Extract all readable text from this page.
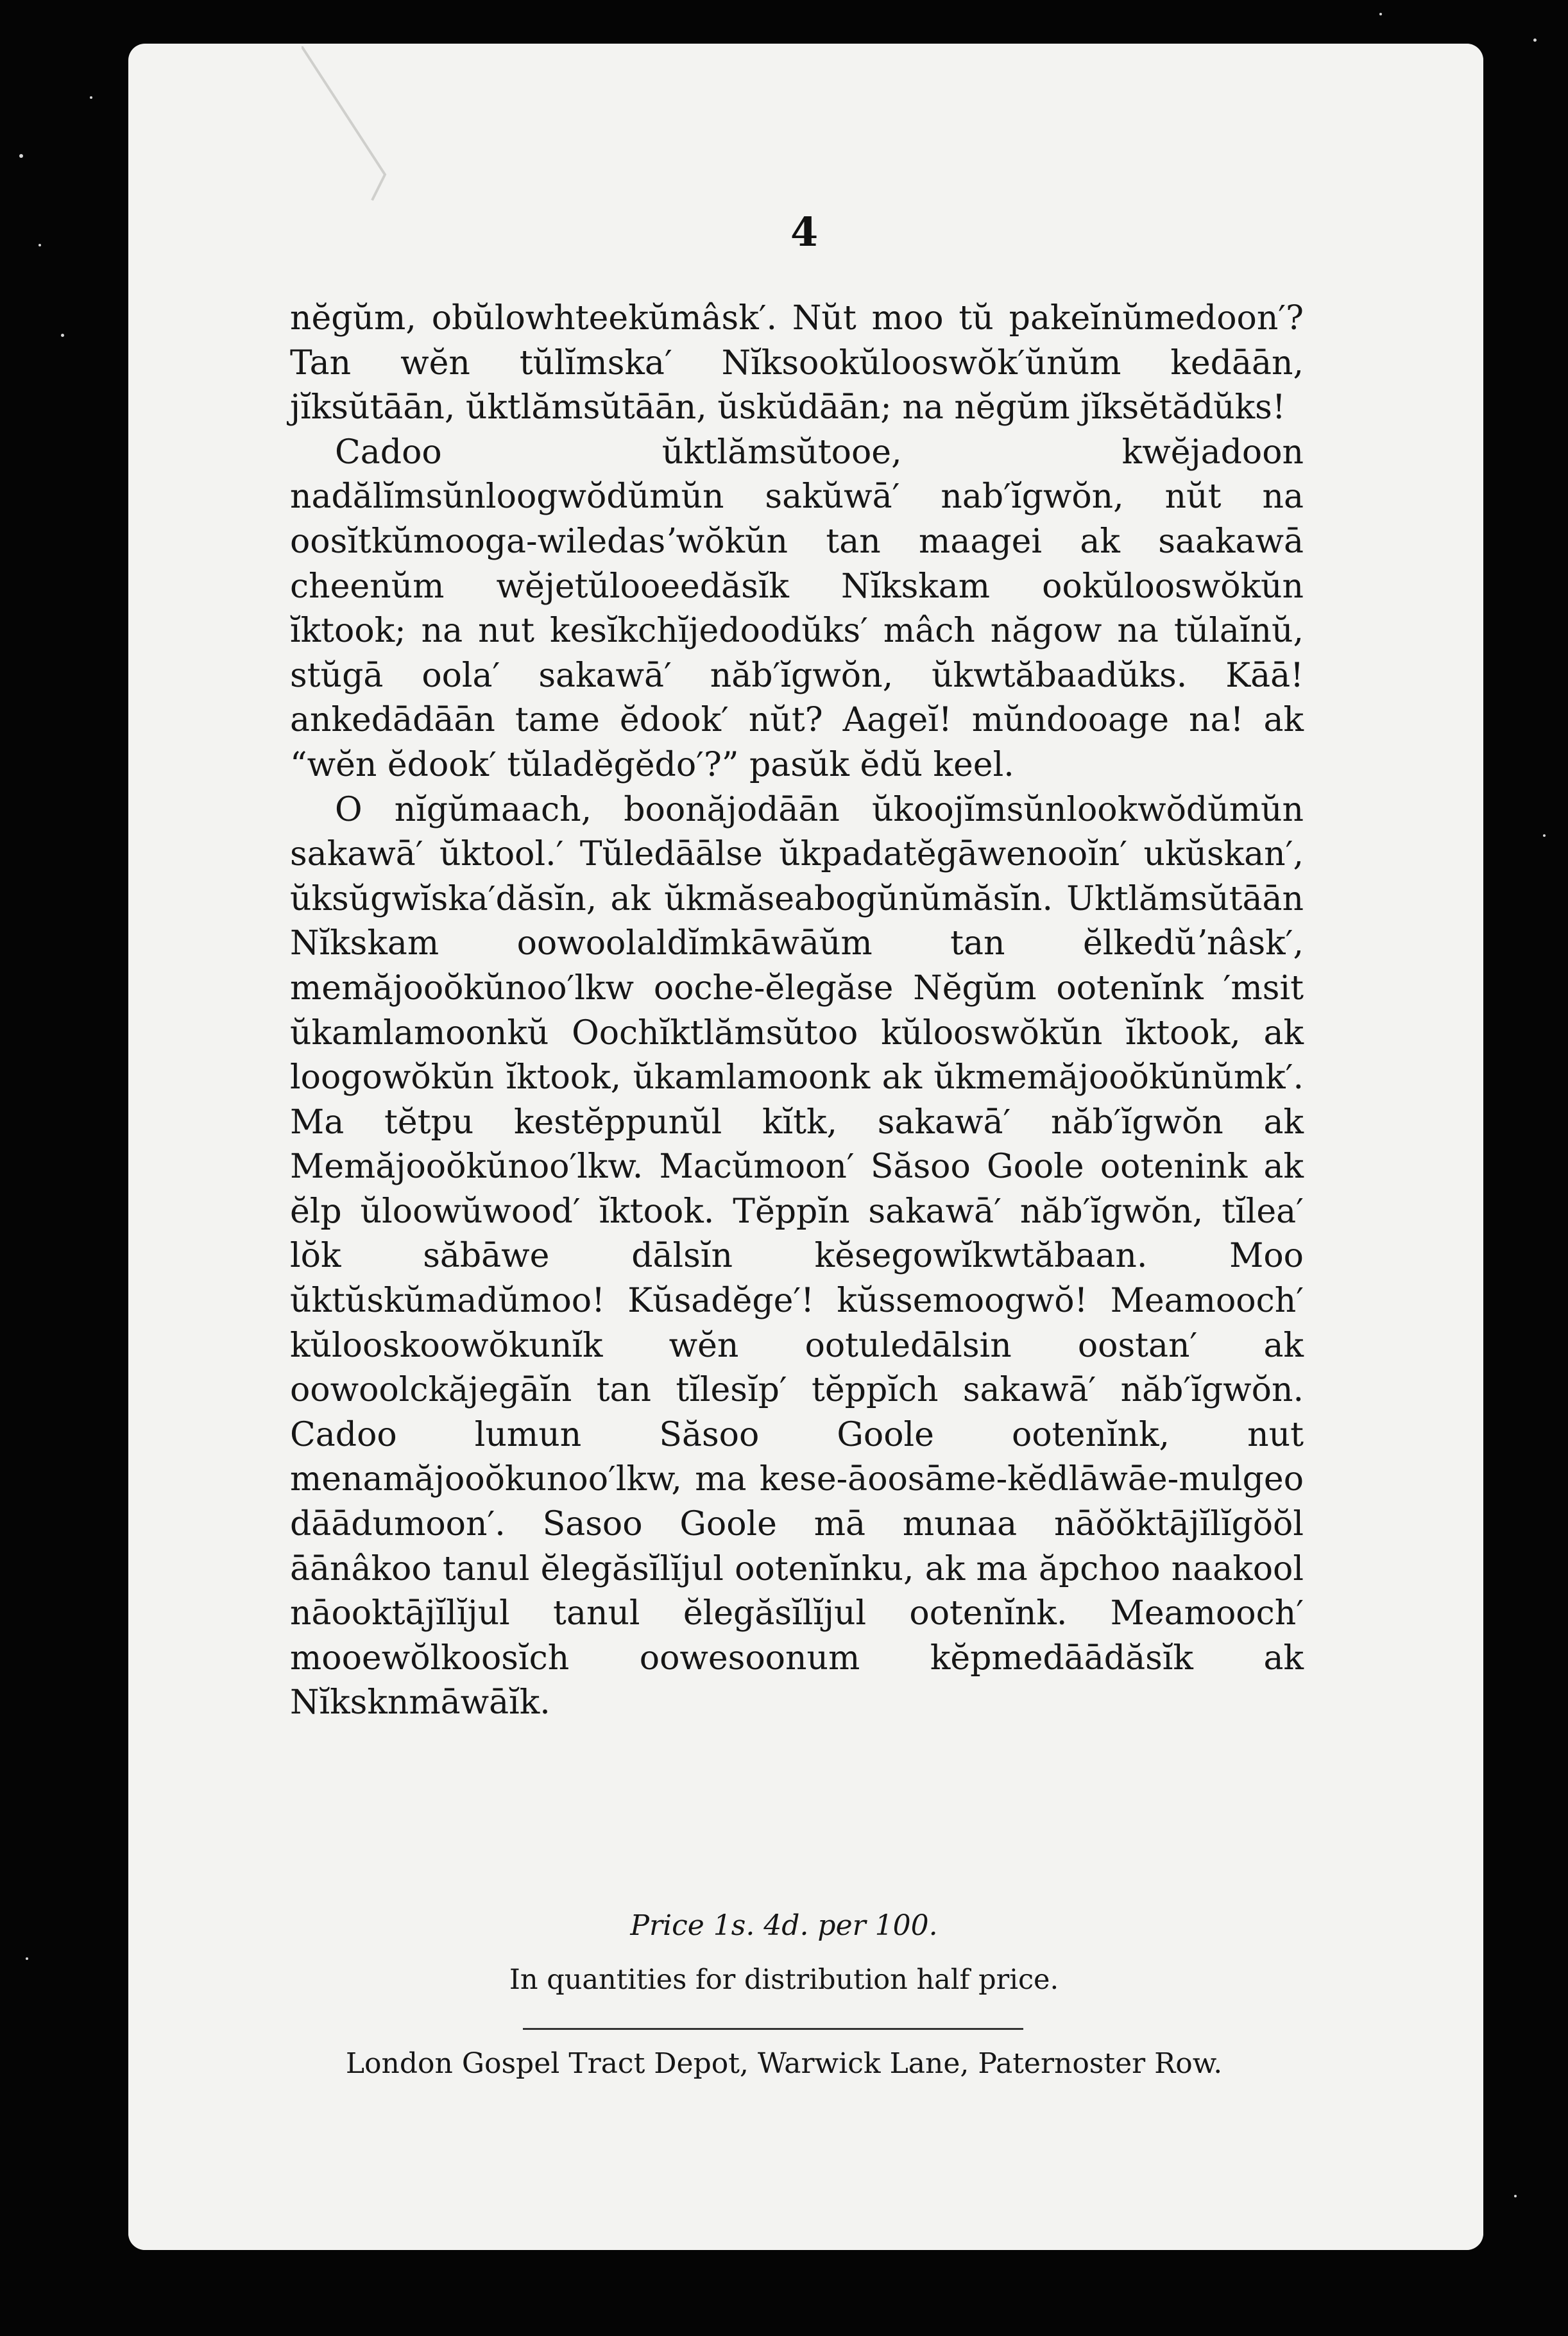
4

nĕgŭm, obŭlowhteekŭmâsk′. Nŭt moo tŭ pakeĭnŭmedoon′? Tan wĕn tŭlĭmska′ Nĭksookŭlooswŏk′ŭnŭm kedāān, jĭksŭtāān, ŭktlămsŭtāān, ŭskŭdāān; na nĕgŭm jĭksĕtădŭks!

Cadoo ŭktlămsŭtooe, kwĕjadoon nadălĭmsŭnloogwŏdŭmŭn sakŭwā′ nab′ĭgwŏn, nŭt na oosĭtkŭmooga-wiledasʼwŏkŭn tan maagei ak saakawā cheenŭm wĕjetŭlooeedăsĭk Nĭkskam ookŭlooswŏkŭn ĭktook; na nut kesĭkchĭjedoodŭks′ mâch năgow na tŭlaĭnŭ, stŭgā oola′ sakawā′ năb′ĭgwŏn, ŭkwtăbaadŭks. Kāā! ankedādāān tame ĕdook′ nŭt? Aageĭ! mŭndooage na! ak “wĕn ĕdook′ tŭladĕgĕdo′?” pasŭk ĕdŭ keel.

O nĭgŭmaach, boonăjodāān ŭkoojĭmsŭnlookwŏdŭmŭn sakawā′ ŭktool.′ Tŭledāālse ŭkpadatĕgāwenooĭn′ ukŭskan′, ŭksŭgwĭska′dăsĭn, ak ŭkmăseabogŭnŭmăsĭn. Uktlămsŭtāān Nĭkskam oowoolaldĭmkāwāŭm tan ĕlkedŭʼnâsk′, memăjooŏkŭnoo′lkw ooche-ĕlegăse Nĕgŭm ootenĭnk ′msit ŭkamlamoonkŭ Oochĭktlămsŭtoo kŭlooswŏkŭn ĭktook, ak loogowŏkŭn ĭktook, ŭkamlamoonk ak ŭkmemăjooŏkŭnŭmk′. Ma tĕtpu kestĕppunŭl kĭtk, sakawā′ năb′ĭgwŏn ak Memăjooŏkŭnoo′lkw. Macŭmoon′ Săsoo Goole ootenink ak ĕlp ŭloowŭwood′ ĭktook. Tĕppĭn sakawā′ năb′ĭgwŏn, tĭlea′ lŏk săbāwe dālsĭn kĕsegowĭkwtăbaan. Moo ŭktŭskŭmadŭmoo! Kŭsadĕge′! kŭssemoogwŏ! Meamooch′ kŭlooskoowŏkunĭk wĕn ootuledālsin oostan′ ak oowoolckăjegāĭn tan tĭlesĭp′ tĕppĭch sakawā′ năb′ĭgwŏn. Cadoo lumun Săsoo Goole ootenĭnk, nut menamăjooŏkunoo′lkw, ma kese-āoosāme-kĕdlāwāe-mulgeo dāādumoon′. Sasoo Goole mā munaa nāŏŏktājĭlĭgŏŏl āānâkoo tanul ĕlegăsĭlĭjul ootenĭnku, ak ma ăpchoo naakool nāooktājĭlĭjul tanul ĕlegăsĭlĭjul ootenĭnk. Meamooch′ mooewŏlkoosĭch oowesoonum kĕpmedāādăsĭk ak Nĭksknmāwāĭk.

Price 1s. 4d. per 100.
In quantities for distribution half price.
London Gospel Tract Depot, Warwick Lane, Paternoster Row.
